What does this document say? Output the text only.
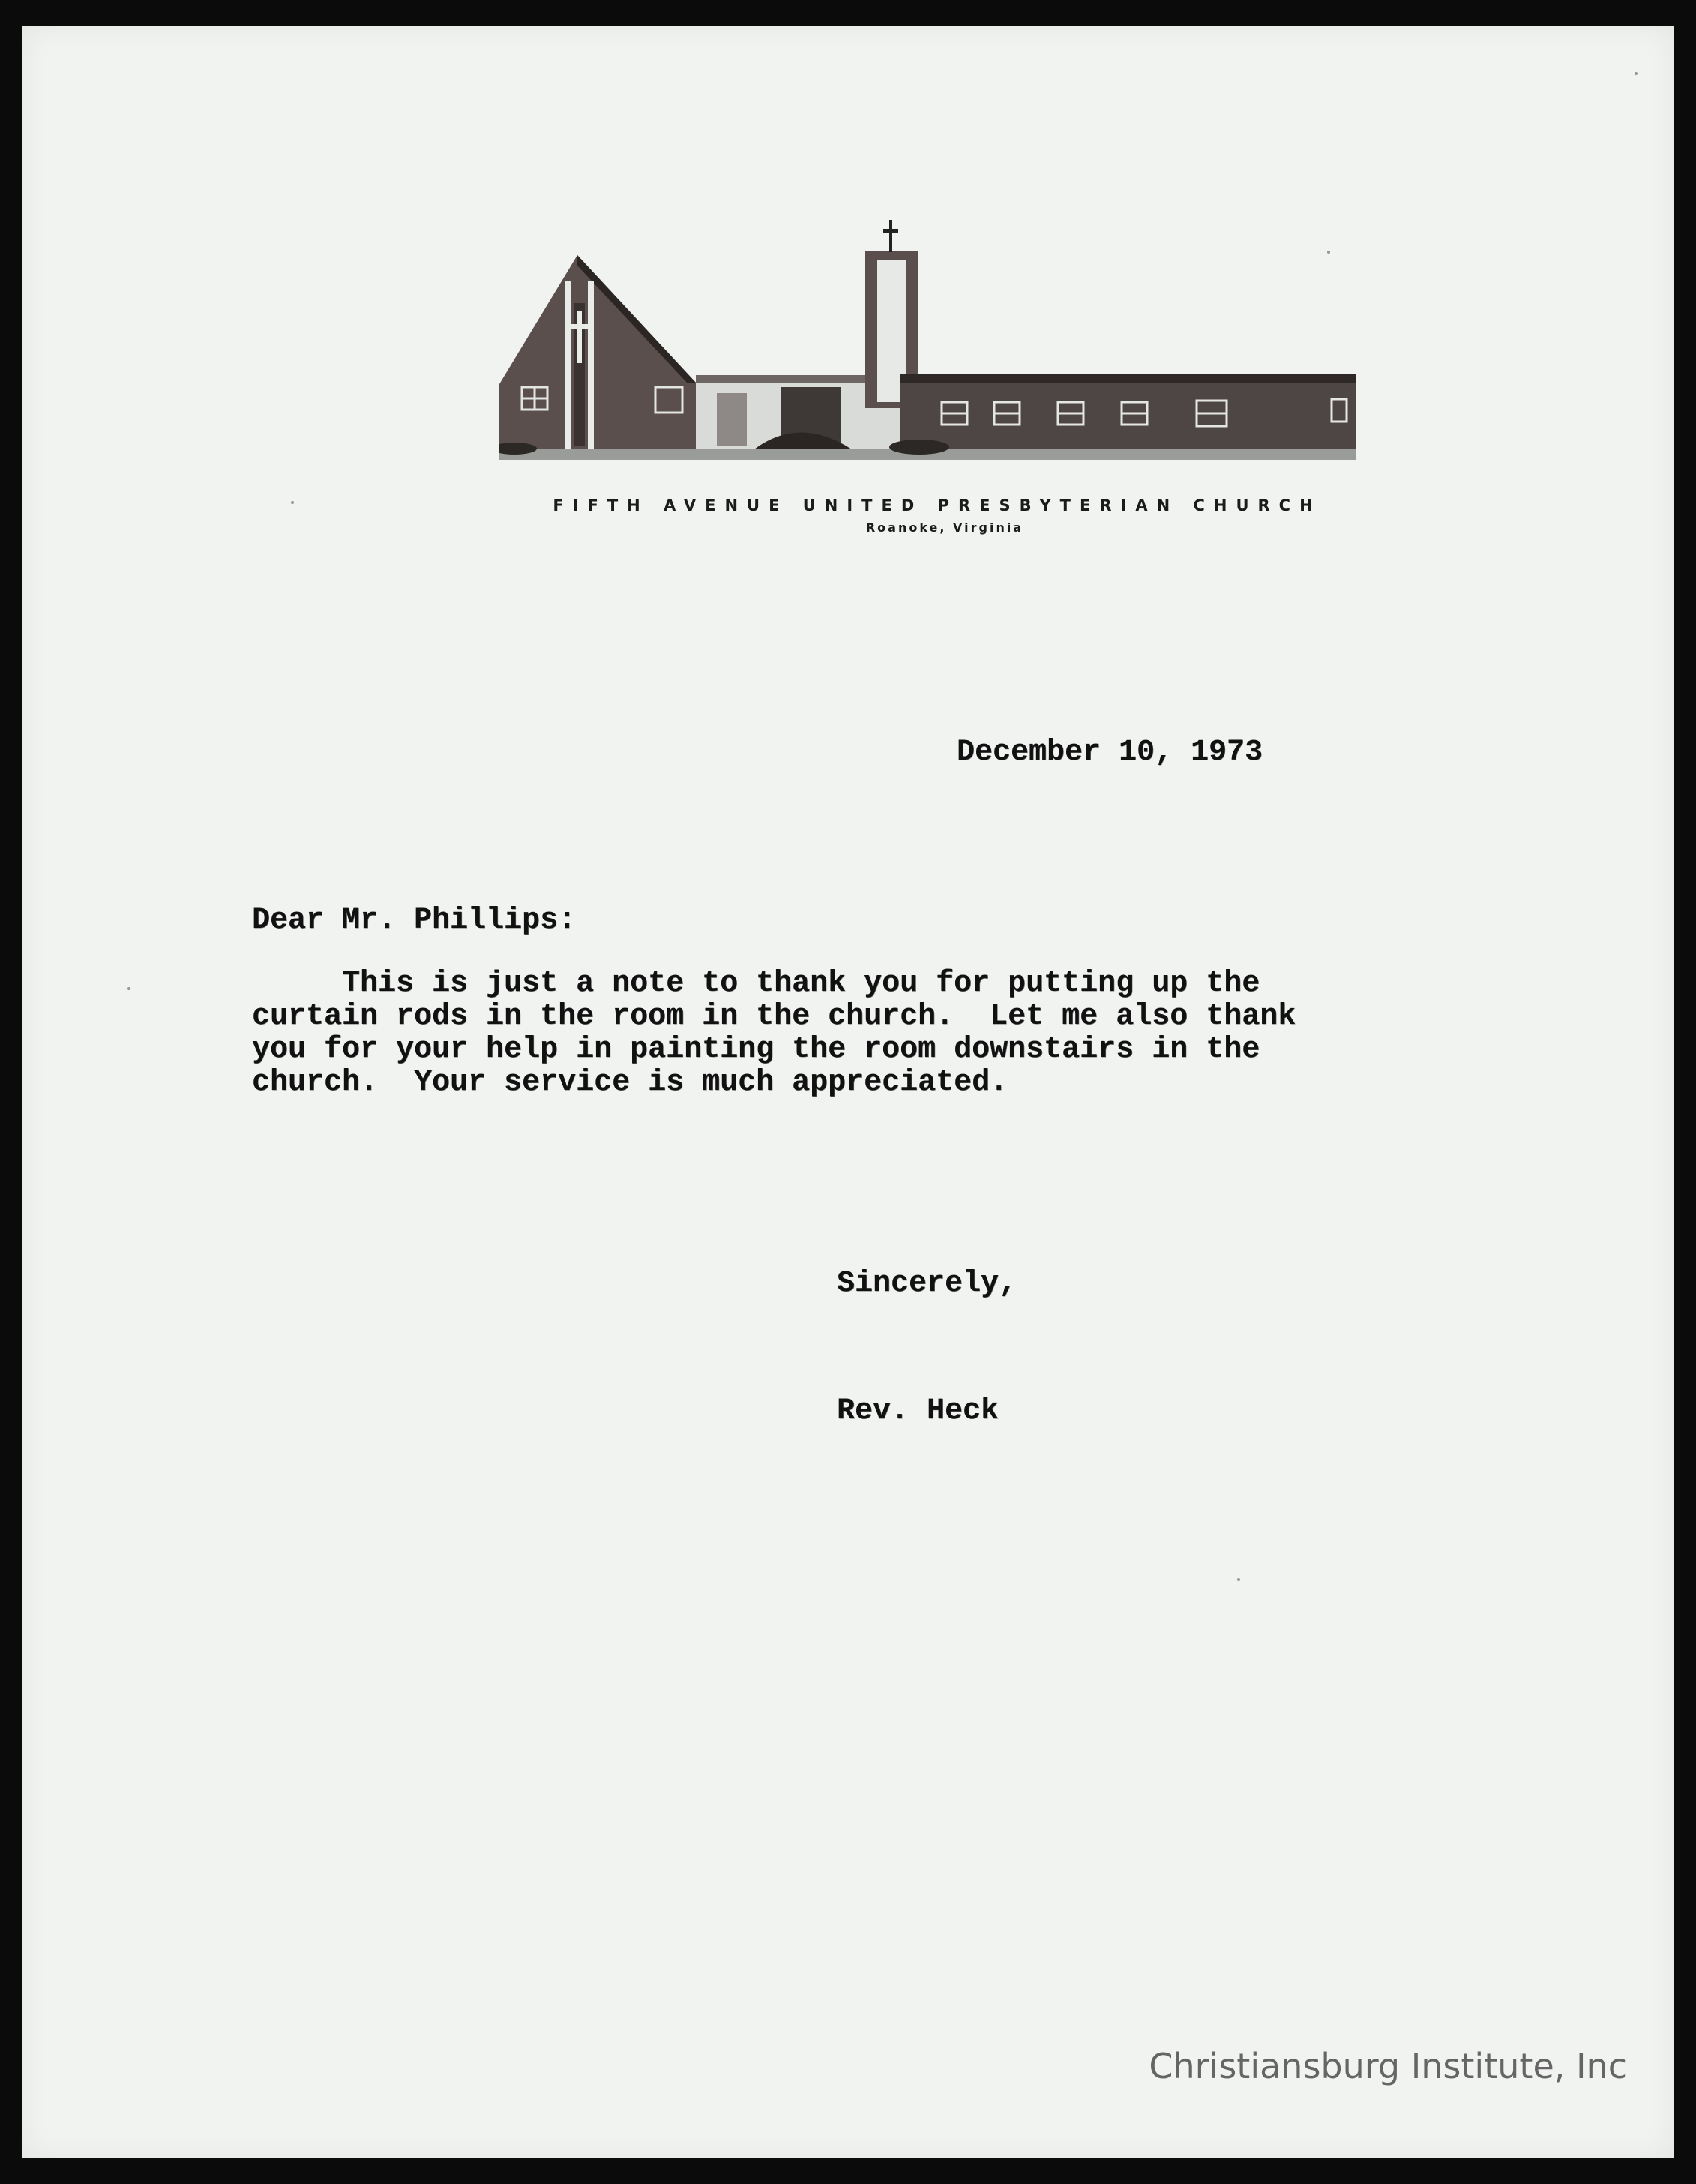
FIFTH AVENUE UNITED PRESBYTERIAN CHURCH
Roanoke, Virginia
December 10, 1973
Dear Mr. Phillips:
This is just a note to thank you for putting up the
curtain rods in the room in the church.  Let me also thank
you for your help in painting the room downstairs in the
church.  Your service is much appreciated.
Sincerely,
Rev. Heck
Christiansburg Institute, Inc
